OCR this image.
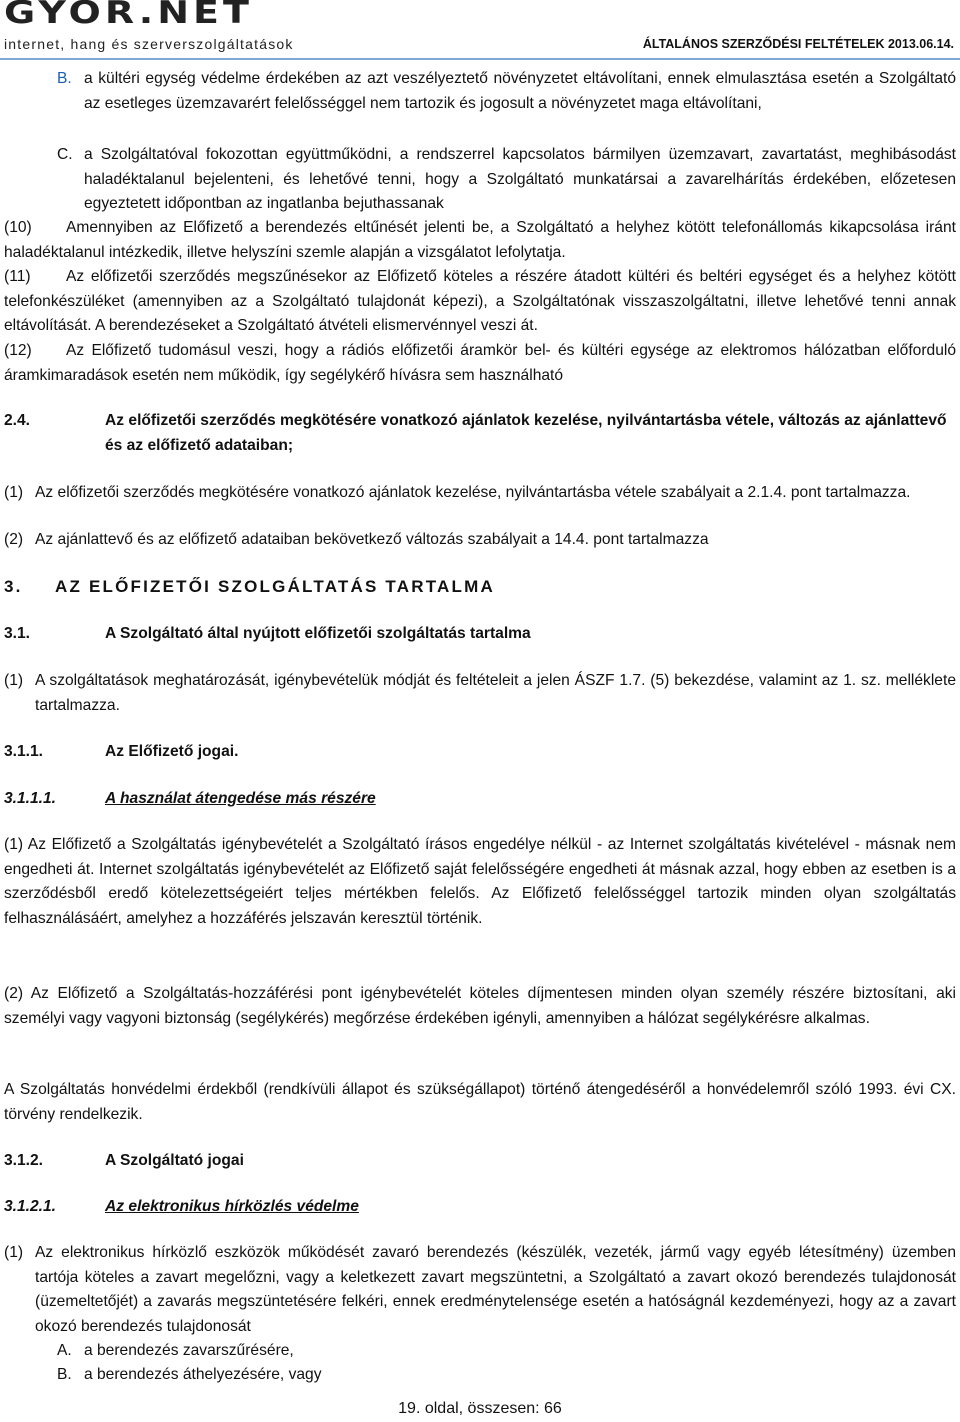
GYOR.NET
internet, hang és szerverszolgáltatások	ÁLTALÁNOS SZERZŐDÉSI FELTÉTELEK 2013.06.14.
B. a kültéri egység védelme érdekében az azt veszélyeztető növényzetet eltávolítani, ennek elmulasztása esetén a Szolgáltató az esetleges üzemzavarért felelősséggel nem tartozik és jogosult a növényzetet maga eltávolítani,

C. a Szolgáltatóval fokozottan együttműködni, a rendszerrel kapcsolatos bármilyen üzemzavart, zavartatást, meghibásodást haladéktalanul bejelenteni, és lehetővé tenni, hogy a Szolgáltató munkatársai a zavarelhárítás érdekében, előzetesen egyeztetett időpontban az ingatlanba bejuthassanak

(10) Amennyiben az Előfizető a berendezés eltűnését jelenti be, a Szolgáltató a helyhez kötött telefonállomás kikapcsolása iránt haladéktalanul intézkedik, illetve helyszíni szemle alapján a vizsgálatot lefolytatja.

(11) Az előfizetői szerződés megszűnésekor az Előfizető köteles a részére átadott kültéri és beltéri egységet és a helyhez kötött telefonkészüléket (amennyiben az a Szolgáltató tulajdonát képezi), a Szolgáltatónak visszaszolgáltatni, illetve lehetővé tenni annak eltávolítását. A berendezéseket a Szolgáltató átvételi elismervénnyel veszi át.

(12) Az Előfizető tudomásul veszi, hogy a rádiós előfizetői áramkör bel- és kültéri egysége az elektromos hálózatban előforduló áramkimaradások esetén nem működik, így segélykérő hívásra sem használható

2.4.	Az előfizetői szerződés megkötésére vonatkozó ajánlatok kezelése, nyilvántartásba vétele, változás az ajánlattevő és az előfizető adataiban;

(1) Az előfizetői szerződés megkötésére vonatkozó ajánlatok kezelése, nyilvántartásba vétele szabályait a 2.1.4. pont tartalmazza.

(2) Az ajánlattevő és az előfizető adataiban bekövetkező változás szabályait a 14.4. pont tartalmazza

3. AZ ELŐFIZETŐI SZOLGÁLTATÁS TARTALMA
3.1.	A Szolgáltató által nyújtott előfizetői szolgáltatás tartalma

(1) A szolgáltatások meghatározását, igénybevételük módját és feltételeit a jelen ÁSZF 1.7. (5) bekezdése, valamint az 1. sz. melléklete tartalmazza.

3.1.1.	Az Előfizető jogai.

3.1.1.1.	A használat átengedése más részére

(1) Az Előfizető a Szolgáltatás igénybevételét a Szolgáltató írásos engedélye nélkül - az Internet szolgáltatás kivételével - másnak nem engedheti át. Internet szolgáltatás igénybevételét az Előfizető saját felelősségére engedheti át másnak azzal, hogy ebben az esetben is a szerződésből eredő kötelezettségeiért teljes mértékben felelős. Az Előfizető felelősséggel tartozik minden olyan szolgáltatás felhasználásáért, amelyhez a hozzáférés jelszaván keresztül történik.

(2) Az Előfizető a Szolgáltatás-hozzáférési pont igénybevételét köteles díjmentesen minden olyan személy részére biztosítani, aki személyi vagy vagyoni biztonság (segélykérés) megőrzése érdekében igényli, amennyiben a hálózat segélykérésre alkalmas.

A Szolgáltatás honvédelmi érdekből (rendkívüli állapot és szükségállapot) történő átengedéséről a honvédelemről szóló 1993. évi CX. törvény rendelkezik.

3.1.2.	A Szolgáltató jogai

3.1.2.1.	Az elektronikus hírközlés védelme

(1) Az elektronikus hírközlő eszközök működését zavaró berendezés (készülék, vezeték, jármű vagy egyéb létesítmény) üzemben tartója köteles a zavart megelőzni, vagy a keletkezett zavart megszüntetni, a Szolgáltató a zavart okozó berendezés tulajdonosát (üzemeltetőjét) a zavarás megszüntetésére felkéri, ennek eredménytelensége esetén a hatóságnál kezdeményezi, hogy az a zavart okozó berendezés tulajdonosát

A. a berendezés zavarszűrésére,

B. a berendezés áthelyezésére, vagy

19. oldal, összesen: 66
